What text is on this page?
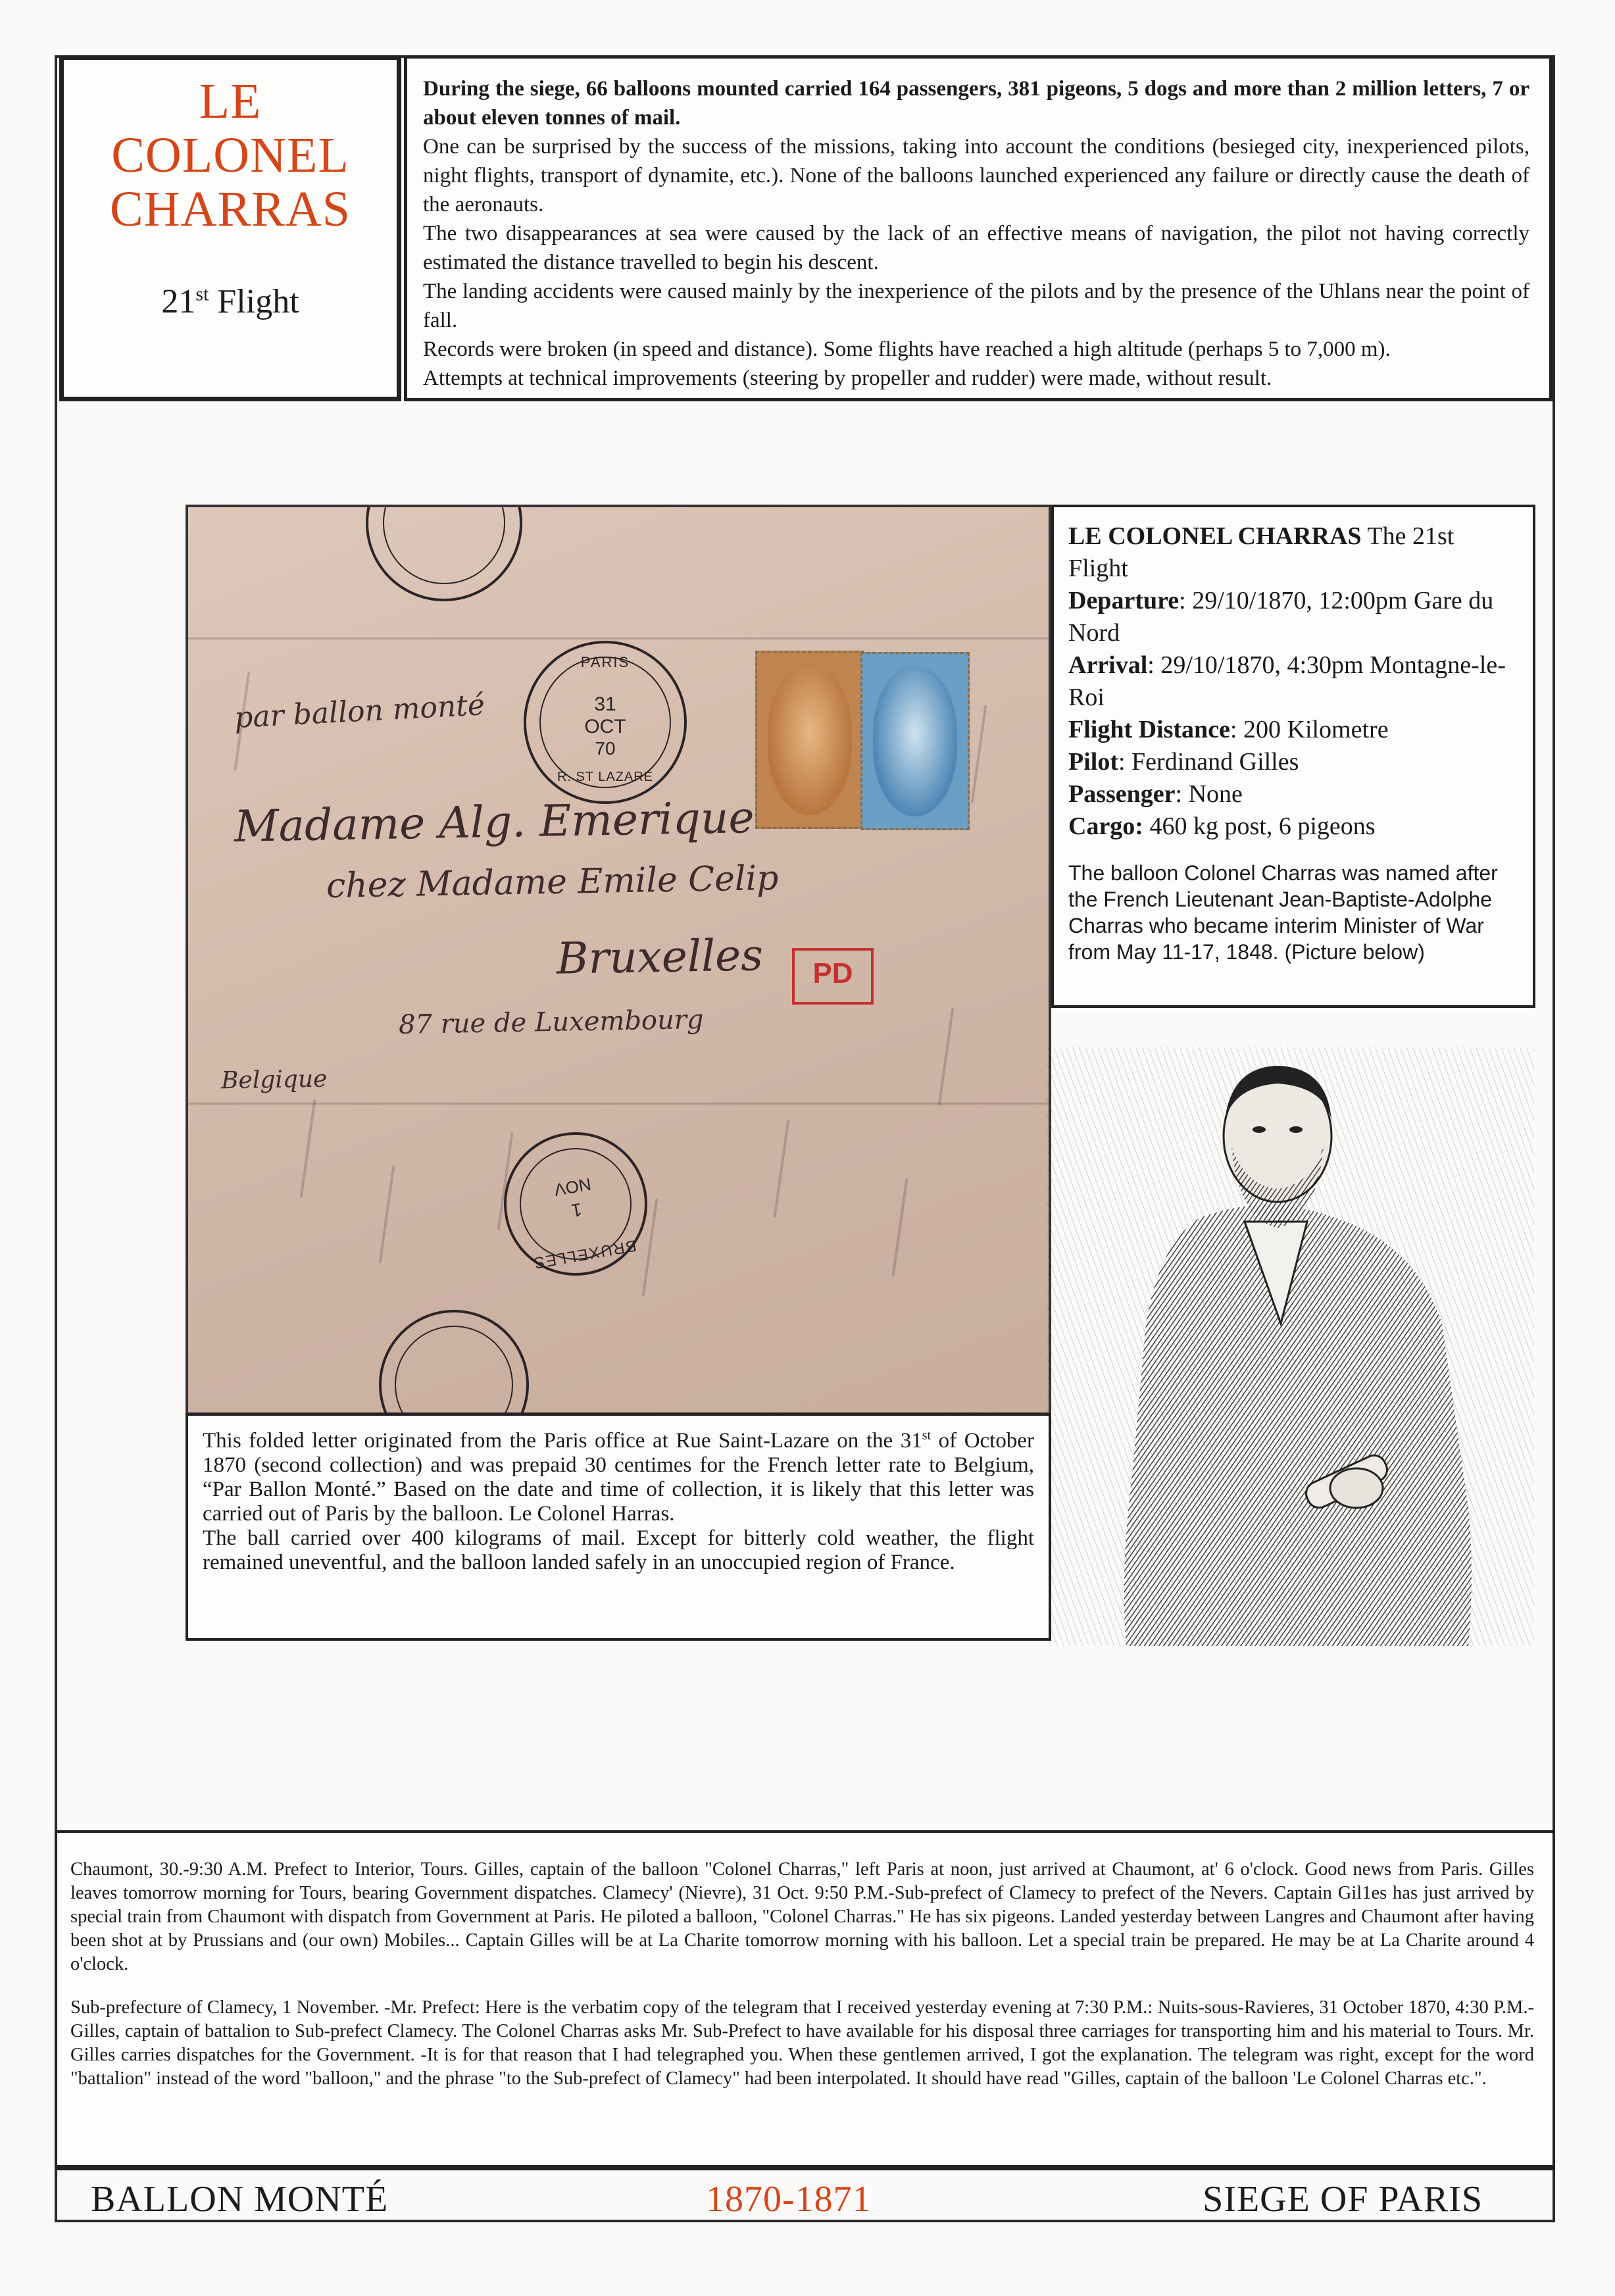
LE
COLONEL
CHARRAS
21st Flight

During the siege, 66 balloons mounted carried 164 passengers, 381 pigeons, 5 dogs and more than 2 million letters, 7 or about eleven tonnes of mail.

One can be surprised by the success of the missions, taking into account the conditions (besieged city, inexperienced pilots, night flights, transport of dynamite, etc.). None of the balloons launched experienced any failure or directly cause the death of the aeronauts.

The two disappearances at sea were caused by the lack of an effective means of navigation, the pilot not having correctly estimated the distance travelled to begin his descent.

The landing accidents were caused mainly by the inexperience of the pilots and by the presence of the Uhlans near the point of fall.

Records were broken (in speed and distance). Some flights have reached a high altitude (perhaps 5 to 7,000 m).

Attempts at technical improvements (steering by propeller and rudder) were made, without result.

par ballon monté
PARIS
31
OCT
70
R. ST LAZARE
Madame Alg. Emerique
chez Madame Emile Celip
Bruxelles
87 rue de Luxembourg
Belgique
PD
BRUXELLES
1
NOV

LE COLONEL CHARRAS The 21st Flight

Departure: 29/10/1870, 12:00pm Gare du Nord

Arrival: 29/10/1870, 4:30pm Montagne-le-Roi

Flight Distance: 200 Kilometre

Pilot: Ferdinand Gilles

Passenger: None

Cargo: 460 kg post, 6 pigeons

The balloon Colonel Charras was named after the French Lieutenant Jean-Baptiste-Adolphe Charras who became interim Minister of War from May 11-17, 1848. (Picture below)

This folded letter originated from the Paris office at Rue Saint-Lazare on the 31st of October 1870 (second collection) and was prepaid 30 centimes for the French letter rate to Belgium, “Par Ballon Monté.” Based on the date and time of collection, it is likely that this letter was carried out of Paris by the balloon. Le Colonel Harras.

The ball carried over 400 kilograms of mail. Except for bitterly cold weather, the flight remained uneventful, and the balloon landed safely in an unoccupied region of France.

Chaumont, 30.-9:30 A.M. Prefect to Interior, Tours. Gilles, captain of the balloon "Colonel Charras," left Paris at noon, just arrived at Chaumont, at' 6 o'clock. Good news from Paris. Gilles leaves tomorrow morning for Tours, bearing Government dispatches. Clamecy' (Nievre), 31 Oct. 9:50 P.M.-Sub-prefect of Clamecy to prefect of the Nevers. Captain Gil1es has just arrived by special train from Chaumont with dispatch from Government at Paris. He piloted a balloon, "Colonel Charras." He has six pigeons. Landed yesterday between Langres and Chaumont after having been shot at by Prussians and (our own) Mobiles... Captain Gilles will be at La Charite tomorrow morning with his balloon. Let a special train be prepared. He may be at La Charite around 4 o'clock.

Sub-prefecture of Clamecy, 1 November. -Mr. Prefect: Here is the verbatim copy of the telegram that I received yesterday evening at 7:30 P.M.: Nuits-sous-Ravieres, 31 October 1870, 4:30 P.M.-Gilles, captain of battalion to Sub-prefect Clamecy. The Colonel Charras asks Mr. Sub-Prefect to have available for his disposal three carriages for transporting him and his material to Tours. Mr. Gilles carries dispatches for the Government. -It is for that reason that I had telegraphed you. When these gentlemen arrived, I got the explanation. The telegram was right, except for the word "battalion" instead of the word "balloon," and the phrase "to the Sub-prefect of Clamecy" had been interpolated. It should have read "Gilles, captain of the balloon 'Le Colonel Charras etc.".

BALLON MONTÉ	1870-1871	SIEGE OF PARIS
